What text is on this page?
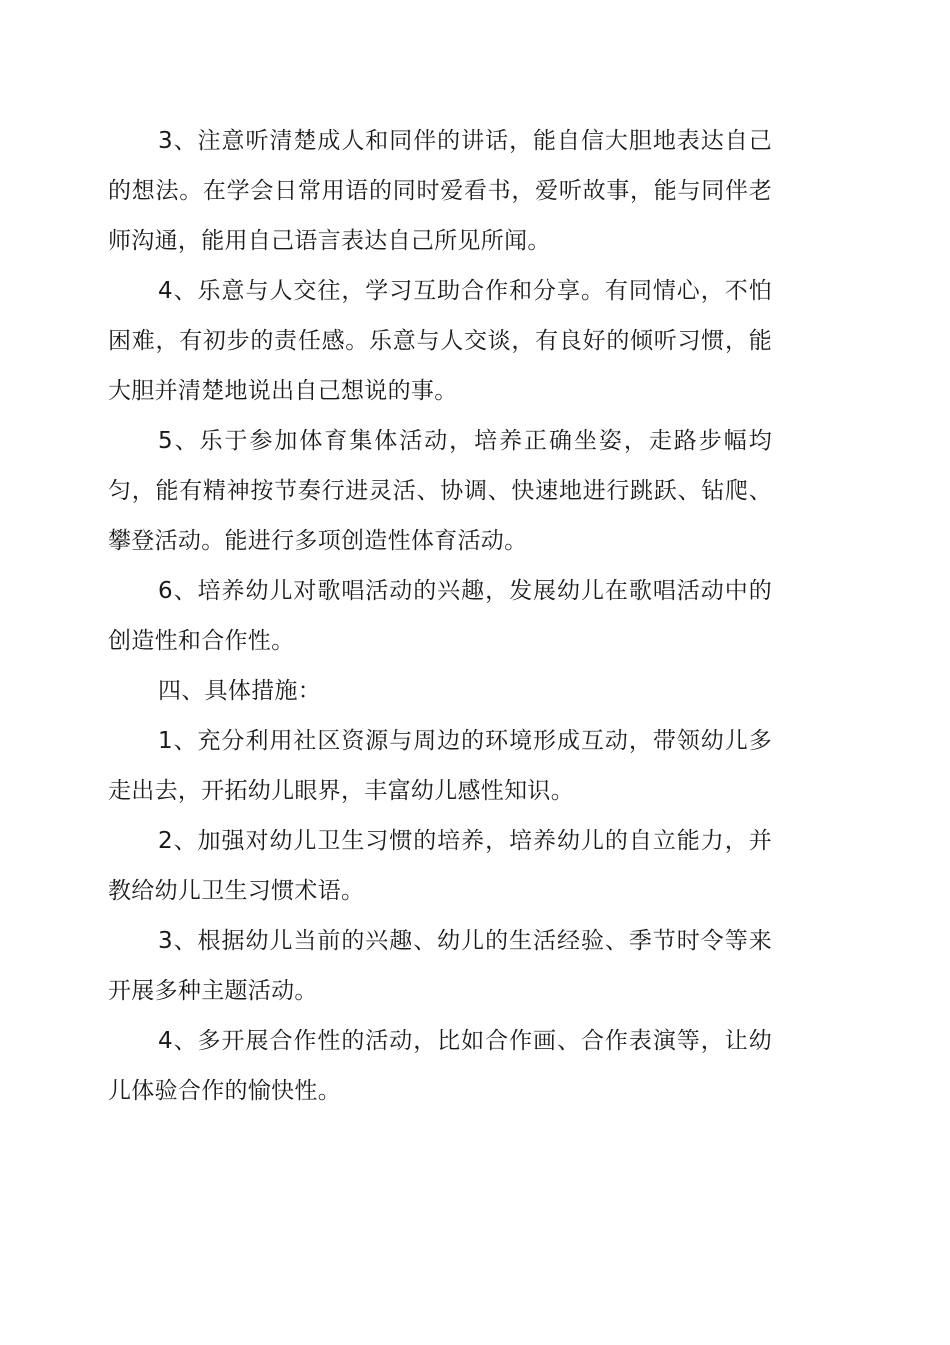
3、注意听清楚成人和同伴的讲话，能自信大胆地表达自己的想法。在学会日常用语的同时爱看书，爱听故事，能与同伴老师沟通，能用自己语言表达自己所见所闻。

4、乐意与人交往，学习互助合作和分享。有同情心，不怕困难，有初步的责任感。乐意与人交谈，有良好的倾听习惯，能大胆并清楚地说出自己想说的事。

5、乐于参加体育集体活动，培养正确坐姿，走路步幅均匀，能有精神按节奏行进灵活、协调、快速地进行跳跃、钻爬、攀登活动。能进行多项创造性体育活动。

6、培养幼儿对歌唱活动的兴趣，发展幼儿在歌唱活动中的创造性和合作性。

四、具体措施：

1、充分利用社区资源与周边的环境形成互动，带领幼儿多走出去，开拓幼儿眼界，丰富幼儿感性知识。

2、加强对幼儿卫生习惯的培养，培养幼儿的自立能力，并教给幼儿卫生习惯术语。

3、根据幼儿当前的兴趣、幼儿的生活经验、季节时令等来开展多种主题活动。

4、多开展合作性的活动，比如合作画、合作表演等，让幼儿体验合作的愉快性。
